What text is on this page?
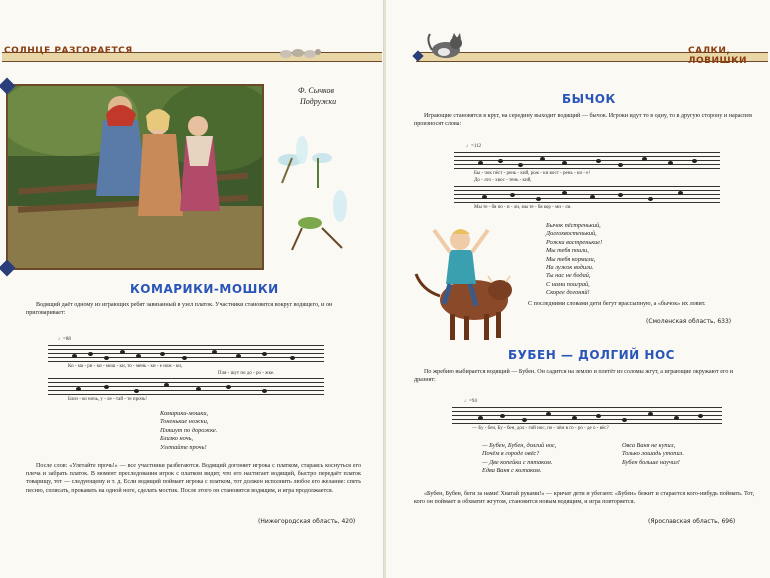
СОЛНЦЕ РАЗГОРАЕТСЯ
Ф. Сычков
Подружки
КОМАРИКИ-МОШКИ
Водящий даёт одному из играющих ребят завязанный в узел платок. Участники становятся вокруг водящего, и он приговаривает:
♩=88
Ко - ма - ри - ки - мош - ки, то - мень - ки - е нож - ки,
Пля - шут по до - ро - жке.
Близ - ко ночь, у - ле - тай - те прочь!
Комарики-мошки,
Тоненькие ножки,
Пляшут по дорожке.
Близко ночь,
Улетайте прочь!
После слов: «Улетайте прочь!» — все участники разбегаются. Водящий догоняет игрока с платком, стараясь коснуться его плеча и забрать платок. В момент преследования игрок с платком видит, что его настигает водящий, быстро передаёт платок товарищу, тот — следующему и т. д. Если водящий поймает игрока с платком, тот должен исполнить любое его желание: спеть песню, сплясать, прокавать на одной ноге, сделать мостик. После этого он становится водящим, и игра продолжается.
(Нижегородская область, 420)
САЛКИ, ЛОВИШКИ
БЫЧОК
Играющие становятся в круг, на середину выходит водящий — бычок. Игроки идут то в одну, то в другую сторону и нараспев произносят слова:
♩=112
Бы - чок пёст - рень - кий, рож - ки вост - рень - ки - е!
До - лго - хвос - тень - кий,
Мы те - бя по - и - ли, мы те - бя кор - ми - ли.
Бычок пёстренький,
Долгохвостенький,
Рожки востренькие!
Мы тебя поили,
Мы тебя кормили,
На лужок водили.
Ты нас не бодай,
С нами поиграй,
Скорее догоняй!
С последними словами дети бегут врассыпную, а «бычок» их ловит.
(Смоленская область, 633)
БУБЕН — ДОЛГИЙ НОС
По жребию выбирается водящий — Бубен. Он садится на землю и плетёт из соломы жгут, а играющие окружают его и дразнят:
♩=94
— Бу - бен, Бу - бен, дол - гий нос, по - чём в го - ро - де о - вёс?
— Бубен, Бубен, долгий нос,
Почём в городе овёс?
— Две копейки с пятаком.
Едва Ваня с колпаком.
Овса Ваня не купил,
Только лошадь утопил.
Бубен больше научил!
«Бубен, Бубен, беги за нами! Хватай руками!» — кричат дети и убегают. «Бубен» бежит и старается кого-нибудь поймать. Тот, кого он поймает и обхватит жгутом, становится новым водящим, и игра повторяется.
(Ярославская область, 696)
